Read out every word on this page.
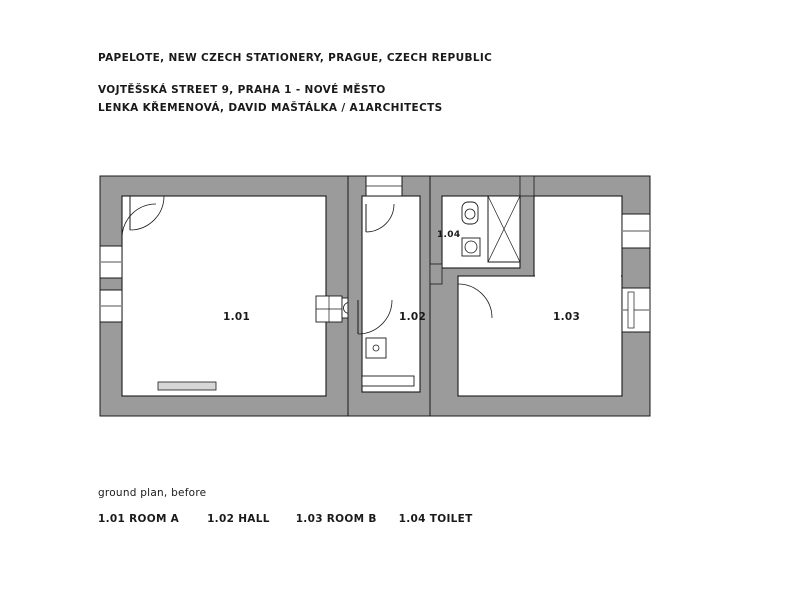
PAPELOTE, NEW CZECH STATIONERY, PRAGUE, CZECH REPUBLIC

VOJTĚŠSKÁ STREET 9, PRAHA 1 - NOVÉ MĚSTO

LENKA KŘEMENOVÁ, DAVID MAŠTÁLKA / A1ARCHITECTS

1.01	1.02	1.03
1.04

ground plan, before

1.01 ROOM A	1.02 HALL 1.03 ROOM B 1.04 TOILET
